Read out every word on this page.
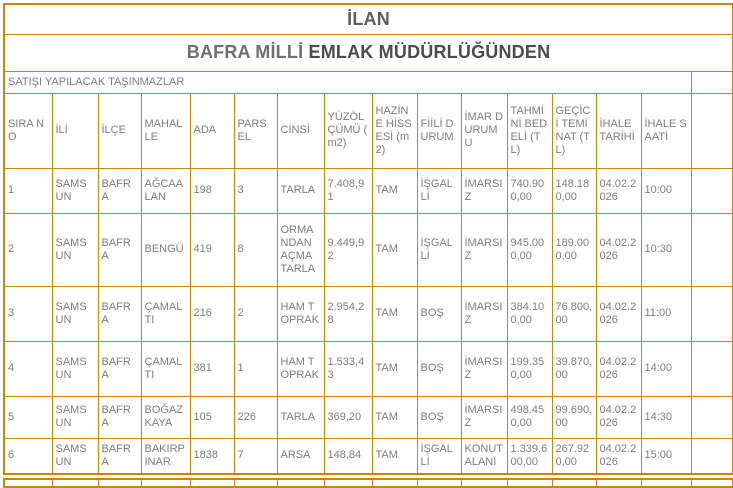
İLAN															
BAFRA MİLLİ EMLAK MÜDÜRLÜĞÜNDEN															
SATIŞI YAPILACAK TAŞINMAZLAR															
SIRA NO	İLİ	İLÇE	MAHALLE	ADA	PARSEL	CİNSİ	YÜZÖLÇÜMÜ ( m2)	HAZİNE HİSSESİ (m2)	FİİLİ DURUM	İMAR DURUMU	TAHMİNİ BEDELİ (TL)	GEÇİCİ TEMİNAT (TL)	İHALE TARİHİ	İHALE SAATİ	
1	SAMSUN	BAFRA	AĞCAALAN	198	3	TARLA	7.408,91	TAM	İŞGALLİ	İMARSIZ	740.900,00	148.180,00	04.02.2026	10:00	
2	SAMSUN	BAFRA	BENGÜ	419	8	ORMANDAN AÇMA TARLA	9.449,92	TAM	İŞGALLİ	İMARSIZ	945.000,00	189.000,00	04.02.2026	10:30	
3	SAMSUN	BAFRA	ÇAMALTI	216	2	HAM TOPRAK	2.954,28	TAM	BOŞ	İMARSIZ	384.100,00	76.800,00	04.02.2026	11:00	
4	SAMSUN	BAFRA	ÇAMALTI	381	1	HAM TOPRAK	1.533,43	TAM	BOŞ	İMARSIZ	199.350,00	39.870,00	04.02.2026	14:00	
5	SAMSUN	BAFRA	BOĞAZKAYA	105	226	TARLA	369,20	TAM	BOŞ	İMARSIZ	498.450,00	99.690,00	04.02.2026	14:30	
6	SAMSUN	BAFRA	BAKIRPINAR	1838	7	ARSA	148,84	TAM	İŞGALLİ	KONUT ALANI	1.339.600,00	267.920,00	04.02.2026	15:00	
